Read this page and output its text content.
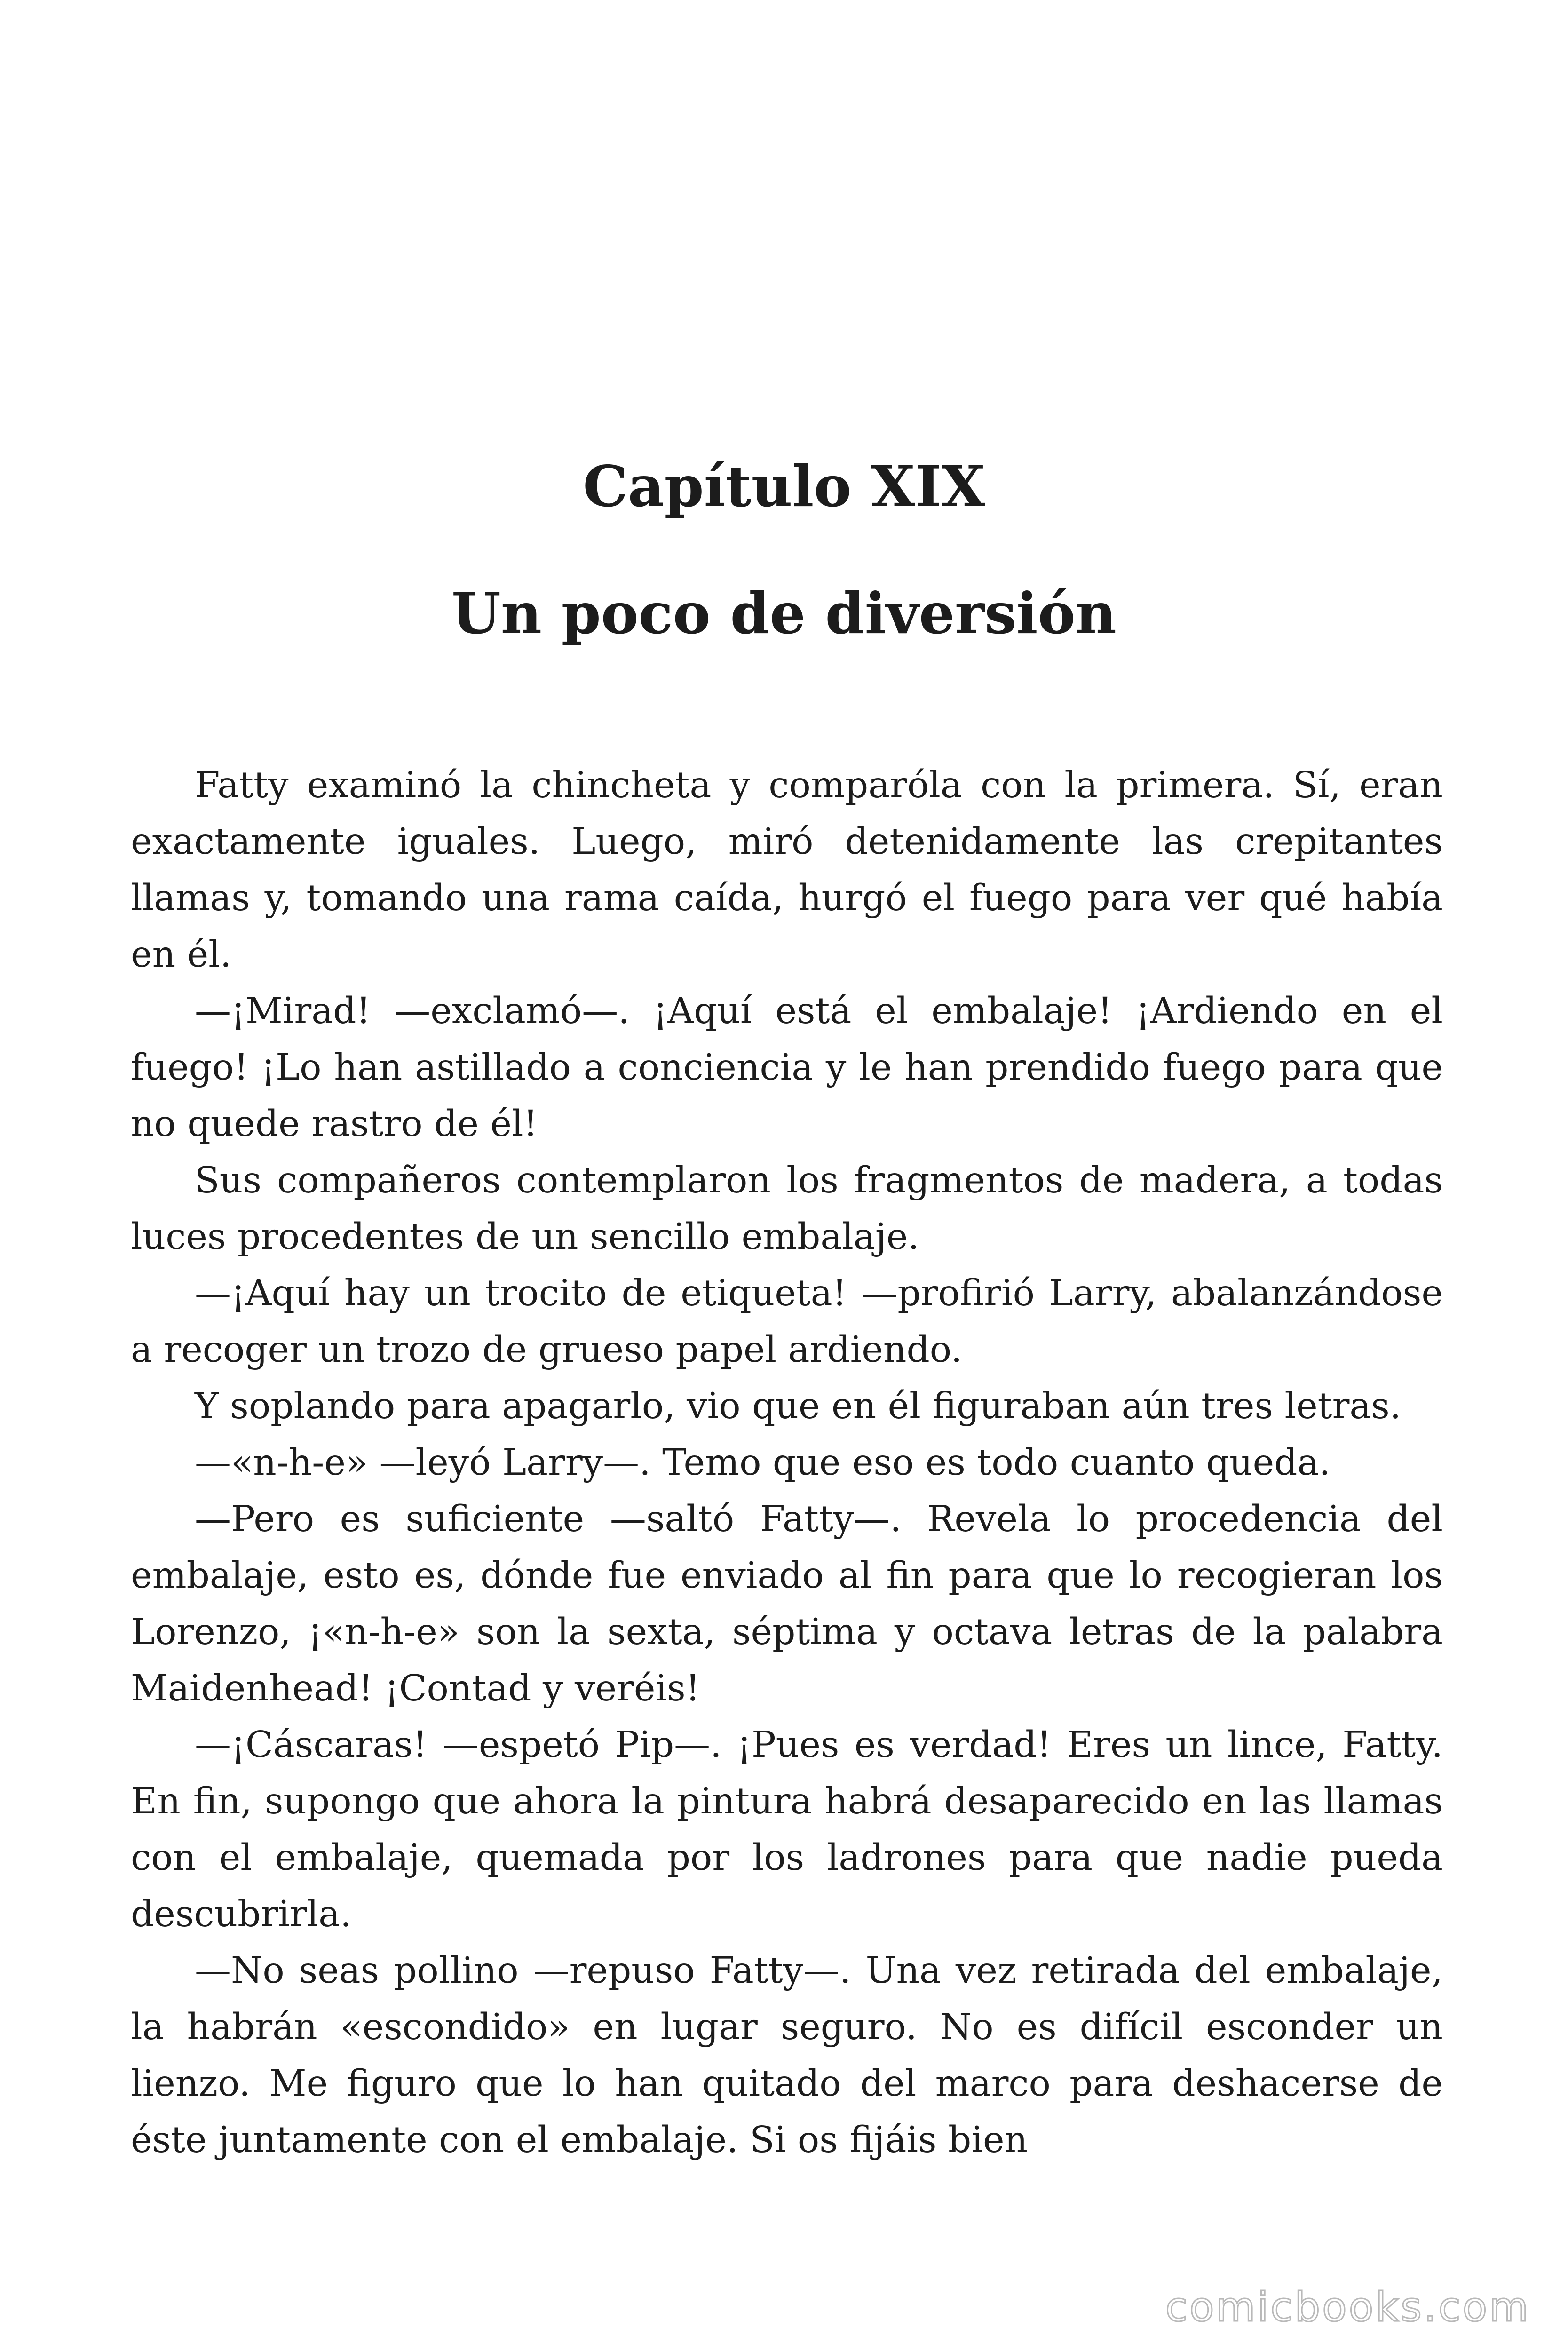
Capítulo XIX
Un poco de diversión

Fatty examinó la chincheta y comparóla con la primera. Sí, eran exactamente iguales. Luego, miró detenidamente las crepitantes llamas y, tomando una rama caída, hurgó el fuego para ver qué había en él.

—¡Mirad! —exclamó—. ¡Aquí está el embalaje! ¡Ardiendo en el fuego! ¡Lo han astillado a conciencia y le han prendido fuego para que no quede rastro de él!

Sus compañeros contemplaron los fragmentos de madera, a todas luces procedentes de un sencillo embalaje.

—¡Aquí hay un trocito de etiqueta! —profirió Larry, abalanzándose a recoger un trozo de grueso papel ardiendo.

Y soplando para apagarlo, vio que en él figuraban aún tres letras.

—«n-h-e» —leyó Larry—. Temo que eso es todo cuanto queda.

—Pero es suficiente —saltó Fatty—. Revela lo procedencia del embalaje, esto es, dónde fue enviado al fin para que lo recogieran los Lorenzo, ¡«n-h-e» son la sexta, séptima y octava letras de la palabra Maidenhead! ¡Contad y veréis!

—¡Cáscaras! —espetó Pip—. ¡Pues es verdad! Eres un lince, Fatty. En fin, supongo que ahora la pintura habrá desaparecido en las llamas con el embalaje, quemada por los ladrones para que nadie pueda descubrirla.

—No seas pollino —repuso Fatty—. Una vez retirada del embalaje, la habrán «escondido» en lugar seguro. No es difícil esconder un lienzo. Me figuro que lo han quitado del marco para deshacerse de éste juntamente con el embalaje. Si os fijáis bien

comicbooks.com
